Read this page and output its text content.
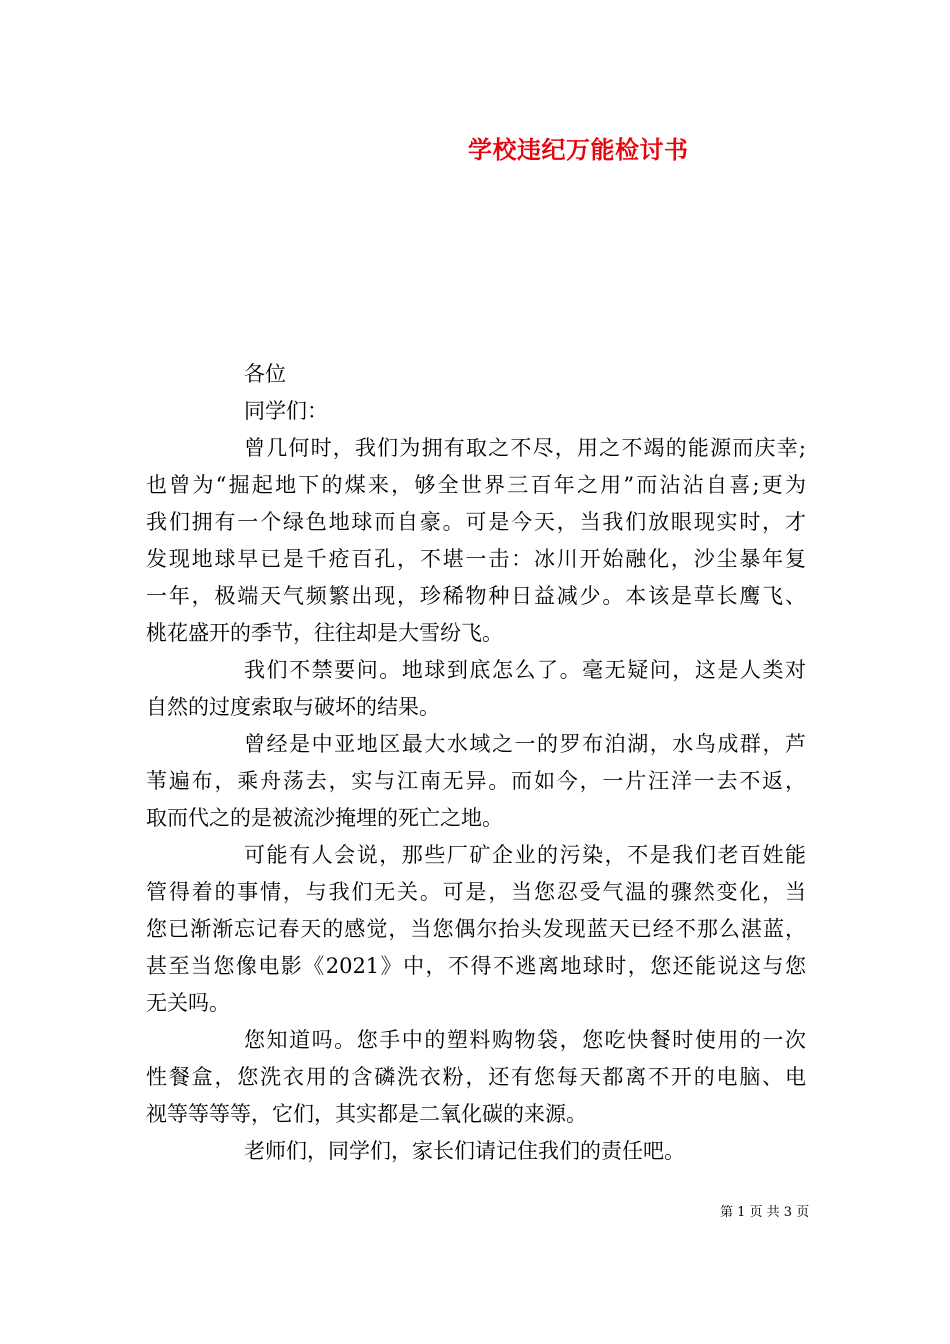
学校违纪万能检讨书
各位
同学们：
曾几何时，我们为拥有取之不尽，用之不竭的能源而庆幸;
也曾为“掘起地下的煤来，够全世界三百年之用”而沾沾自喜;更为
我们拥有一个绿色地球而自豪。可是今天，当我们放眼现实时，才
发现地球早已是千疮百孔，不堪一击：冰川开始融化，沙尘暴年复
一年，极端天气频繁出现，珍稀物种日益减少。本该是草长鹰飞、
桃花盛开的季节，往往却是大雪纷飞。
我们不禁要问。地球到底怎么了。毫无疑问，这是人类对
自然的过度索取与破坏的结果。
曾经是中亚地区最大水域之一的罗布泊湖，水鸟成群，芦
苇遍布，乘舟荡去，实与江南无异。而如今，一片汪洋一去不返，
取而代之的是被流沙掩埋的死亡之地。
可能有人会说，那些厂矿企业的污染，不是我们老百姓能
管得着的事情，与我们无关。可是，当您忍受气温的骤然变化，当
您已渐渐忘记春天的感觉，当您偶尔抬头发现蓝天已经不那么湛蓝，
甚至当您像电影《2021》中，不得不逃离地球时，您还能说这与您
无关吗。
您知道吗。您手中的塑料购物袋，您吃快餐时使用的一次
性餐盒，您洗衣用的含磷洗衣粉，还有您每天都离不开的电脑、电
视等等等等，它们，其实都是二氧化碳的来源。
老师们，同学们，家长们请记住我们的责任吧。
第 1 页 共 3 页
